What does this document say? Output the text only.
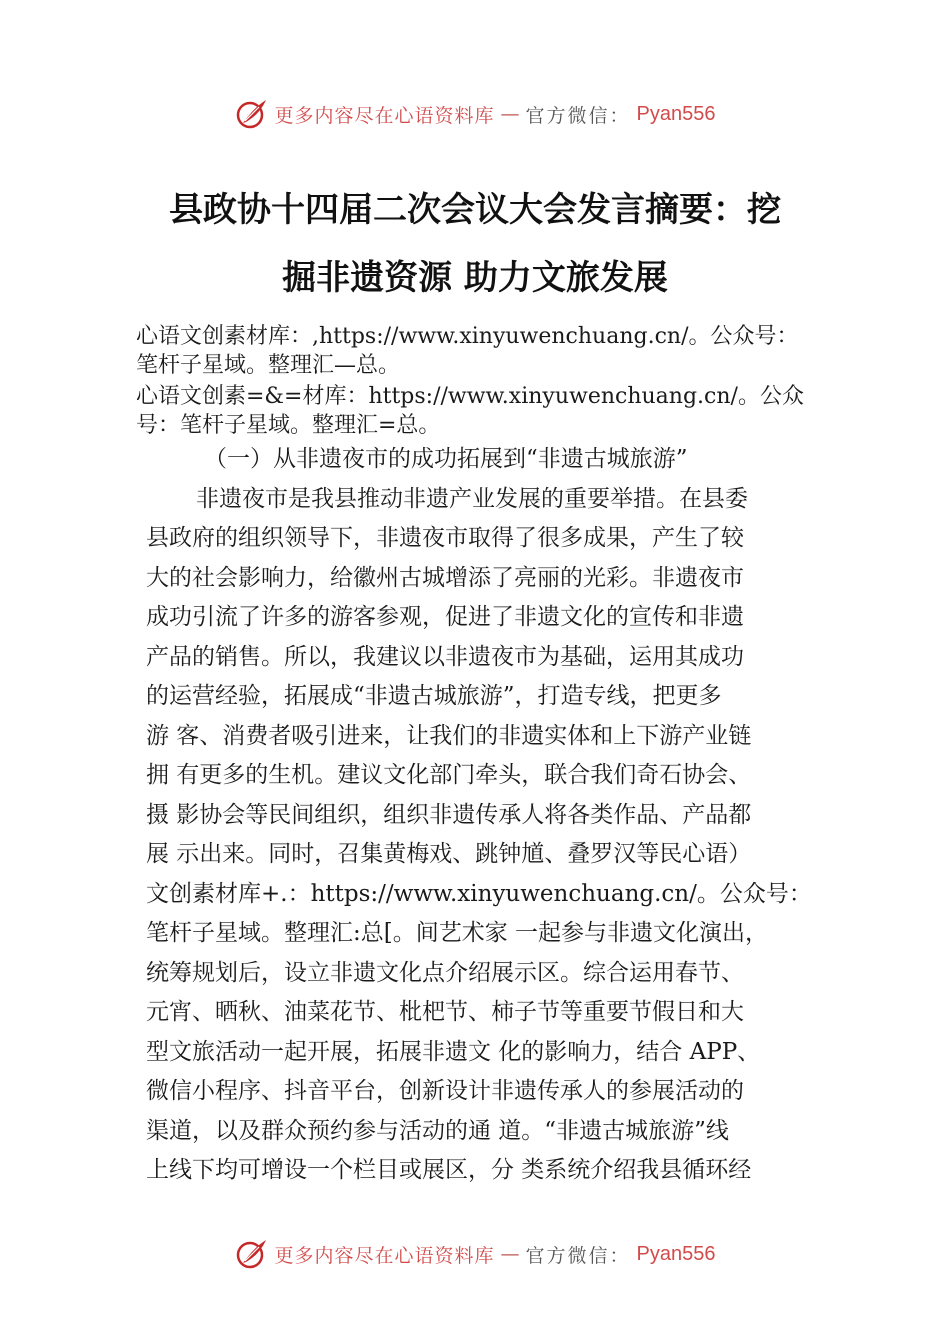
更多内容尽在心语资料库 — 官方微信： Pyan556
县政协十四届二次会议大会发言摘要：挖
掘非遗资源 助力文旅发展
心语文创素材库：,https://www.xinyuwenchuang.cn/。公众号：
笔杆子星域。整理汇—总。
心语文创素=&=材库：https://www.xinyuwenchuang.cn/。公众
号：笔杆子星域。整理汇=总。
（一）从非遗夜市的成功拓展到“非遗古城旅游”
非遗夜市是我县推动非遗产业发展的重要举措。在县委
县政府的组织领导下，非遗夜市取得了很多成果，产生了较
大的社会影响力，给徽州古城增添了亮丽的光彩。非遗夜市
成功引流了许多的游客参观，促进了非遗文化的宣传和非遗
产品的销售。所以，我建议以非遗夜市为基础，运用其成功
的运营经验，拓展成“非遗古城旅游”，打造专线，把更多
游 客、消费者吸引进来，让我们的非遗实体和上下游产业链
拥 有更多的生机。建议文化部门牵头，联合我们奇石协会、
摄 影协会等民间组织，组织非遗传承人将各类作品、产品都
展 示出来。同时，召集黄梅戏、跳钟馗、叠罗汉等民心语）
文创素材库+.：https://www.xinyuwenchuang.cn/。公众号：
笔杆子星域。整理汇:总[。间艺术家 一起参与非遗文化演出，
统筹规划后，设立非遗文化点介绍展示区。综合运用春节、
元宵、晒秋、油菜花节、枇杷节、柿子节等重要节假日和大
型文旅活动一起开展，拓展非遗文 化的影响力，结合 APP、
微信小程序、抖音平台，创新设计非遗传承人的参展活动的
渠道，以及群众预约参与活动的通 道。“非遗古城旅游”线
上线下均可增设一个栏目或展区，分 类系统介绍我县循环经
更多内容尽在心语资料库 — 官方微信： Pyan556
